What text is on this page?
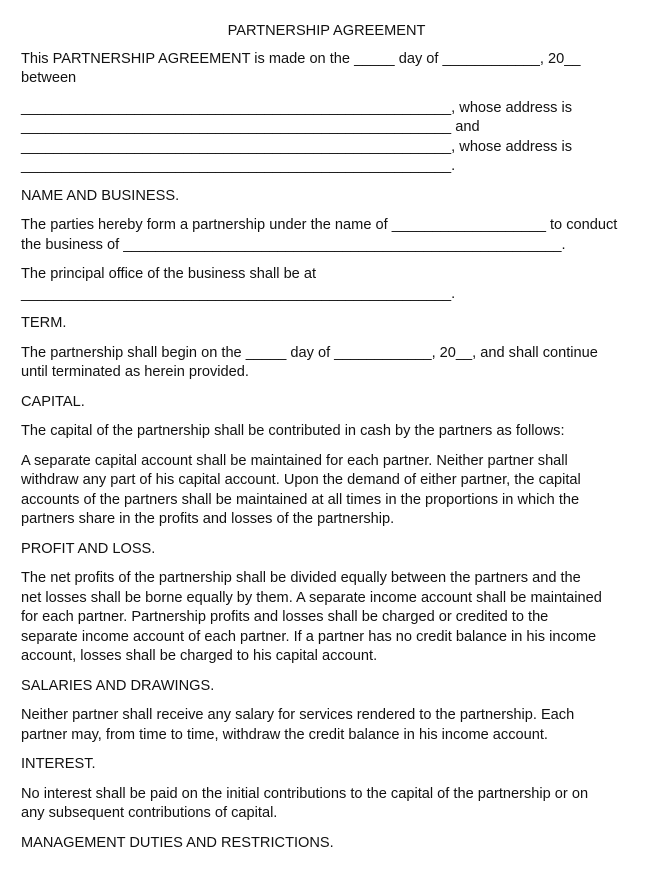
PARTNERSHIP AGREEMENT

This PARTNERSHIP AGREEMENT is made on the _____ day of ____________, 20__

between

_____________________________________________________, whose address is

_____________________________________________________ and

_____________________________________________________, whose address is

_____________________________________________________.

NAME AND BUSINESS.

The parties hereby form a partnership under the name of ___________________ to conduct

the business of ______________________________________________________.

The principal office of the business shall be at

_____________________________________________________.

TERM.

The partnership shall begin on the _____ day of ____________, 20__, and shall continue

until terminated as herein provided.

CAPITAL.

The capital of the partnership shall be contributed in cash by the partners as follows:

A separate capital account shall be maintained for each partner. Neither partner shall

withdraw any part of his capital account. Upon the demand of either partner, the capital

accounts of the partners shall be maintained at all times in the proportions in which the

partners share in the profits and losses of the partnership.

PROFIT AND LOSS.

The net profits of the partnership shall be divided equally between the partners and the

net losses shall be borne equally by them. A separate income account shall be maintained

for each partner. Partnership profits and losses shall be charged or credited to the

separate income account of each partner. If a partner has no credit balance in his income

account, losses shall be charged to his capital account.

SALARIES AND DRAWINGS.

Neither partner shall receive any salary for services rendered to the partnership. Each

partner may, from time to time, withdraw the credit balance in his income account.

INTEREST.

No interest shall be paid on the initial contributions to the capital of the partnership or on

any subsequent contributions of capital.

MANAGEMENT DUTIES AND RESTRICTIONS.
